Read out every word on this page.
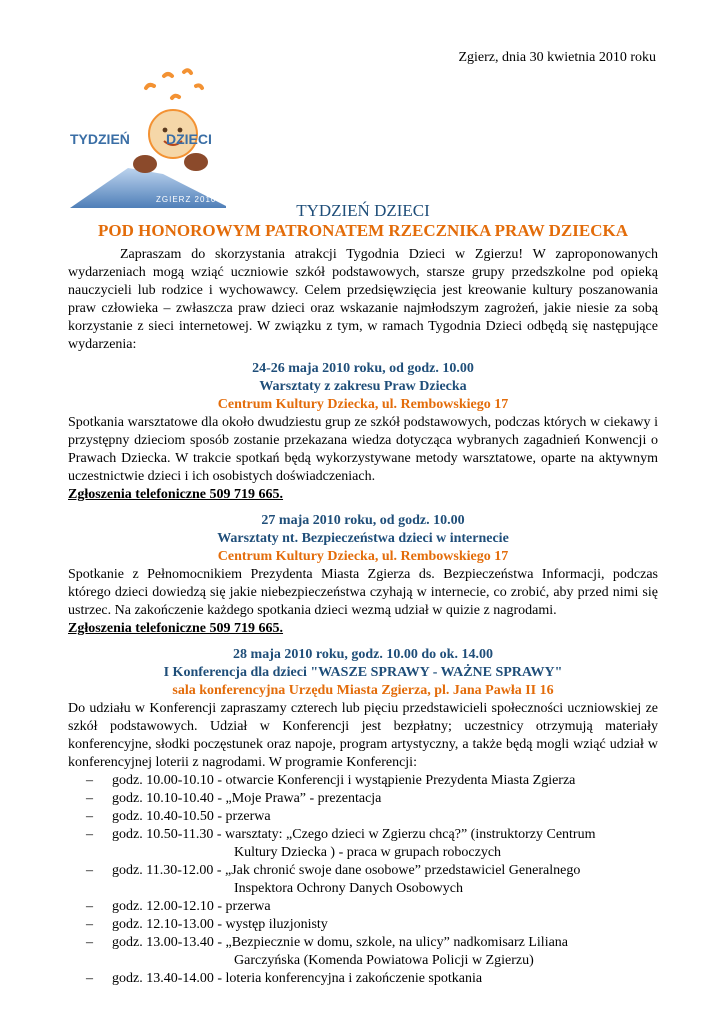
Zgierz, dnia 30 kwietnia 2010 roku
TYDZIEŃ	DZIECI
ZGIERZ 2010
TYDZIEŃ DZIECI
POD HONOROWYM PATRONATEM RZECZNIKA PRAW DZIECKA

Zapraszam do skorzystania atrakcji Tygodnia Dzieci w Zgierzu! W zaproponowanych wydarzeniach mogą wziąć uczniowie szkół podstawowych, starsze grupy przedszkolne pod opieką nauczycieli lub rodzice i wychowawcy. Celem przedsięwzięcia jest kreowanie kultury poszanowania praw człowieka – zwłaszcza praw dzieci oraz wskazanie najmłodszym zagrożeń, jakie niesie za sobą korzystanie z sieci internetowej. W związku z tym, w ramach Tygodnia Dzieci odbędą się następujące wydarzenia:

24-26 maja 2010 roku, od godz. 10.00
Warsztaty z zakresu Praw Dziecka
Centrum Kultury Dziecka, ul. Rembowskiego 17

Spotkania warsztatowe dla około dwudziestu grup ze szkół podstawowych, podczas których w ciekawy i przystępny dzieciom sposób zostanie przekazana wiedza dotycząca wybranych zagadnień Konwencji o Prawach Dziecka. W trakcie spotkań będą wykorzystywane metody warsztatowe, oparte na aktywnym uczestnictwie dzieci i ich osobistych doświadczeniach.

Zgłoszenia telefoniczne 509 719 665.

27 maja 2010 roku, od godz. 10.00
Warsztaty nt. Bezpieczeństwa dzieci w internecie
Centrum Kultury Dziecka, ul. Rembowskiego 17

Spotkanie z Pełnomocnikiem Prezydenta Miasta Zgierza ds. Bezpieczeństwa Informacji, podczas którego dzieci dowiedzą się jakie niebezpieczeństwa czyhają w internecie, co zrobić, aby przed nimi się ustrzec. Na zakończenie każdego spotkania dzieci wezmą udział w quizie z nagrodami.

Zgłoszenia telefoniczne 509 719 665.

28 maja 2010 roku, godz. 10.00 do ok. 14.00
I Konferencja dla dzieci "WASZE SPRAWY - WAŻNE SPRAWY"
sala konferencyjna Urzędu Miasta Zgierza, pl. Jana Pawła II 16

Do udziału w Konferencji zapraszamy czterech lub pięciu przedstawicieli społeczności uczniowskiej ze szkół podstawowych. Udział w Konferencji jest bezpłatny; uczestnicy otrzymują materiały konferencyjne, słodki poczęstunek oraz napoje, program artystyczny, a także będą mogli wziąć udział w konferencyjnej loterii z nagrodami. W programie Konferencji:

– godz. 10.00-10.10 - otwarcie Konferencji i wystąpienie Prezydenta Miasta Zgierza
– godz. 10.10-10.40 - „Moje Prawa” - prezentacja
– godz. 10.40-10.50 - przerwa
– godz. 10.50-11.30 - warsztaty: „Czego dzieci w Zgierzu chcą?” (instruktorzy Centrum
Kultury Dziecka ) - praca w grupach roboczych
– godz. 11.30-12.00 - „Jak chronić swoje dane osobowe” przedstawiciel Generalnego
Inspektora Ochrony Danych Osobowych
– godz. 12.00-12.10 - przerwa
– godz. 12.10-13.00 - występ iluzjonisty
– godz. 13.00-13.40 - „Bezpiecznie w domu, szkole, na ulicy” nadkomisarz Liliana
Garczyńska (Komenda Powiatowa Policji w Zgierzu)
– godz. 13.40-14.00 - loteria konferencyjna i zakończenie spotkania
